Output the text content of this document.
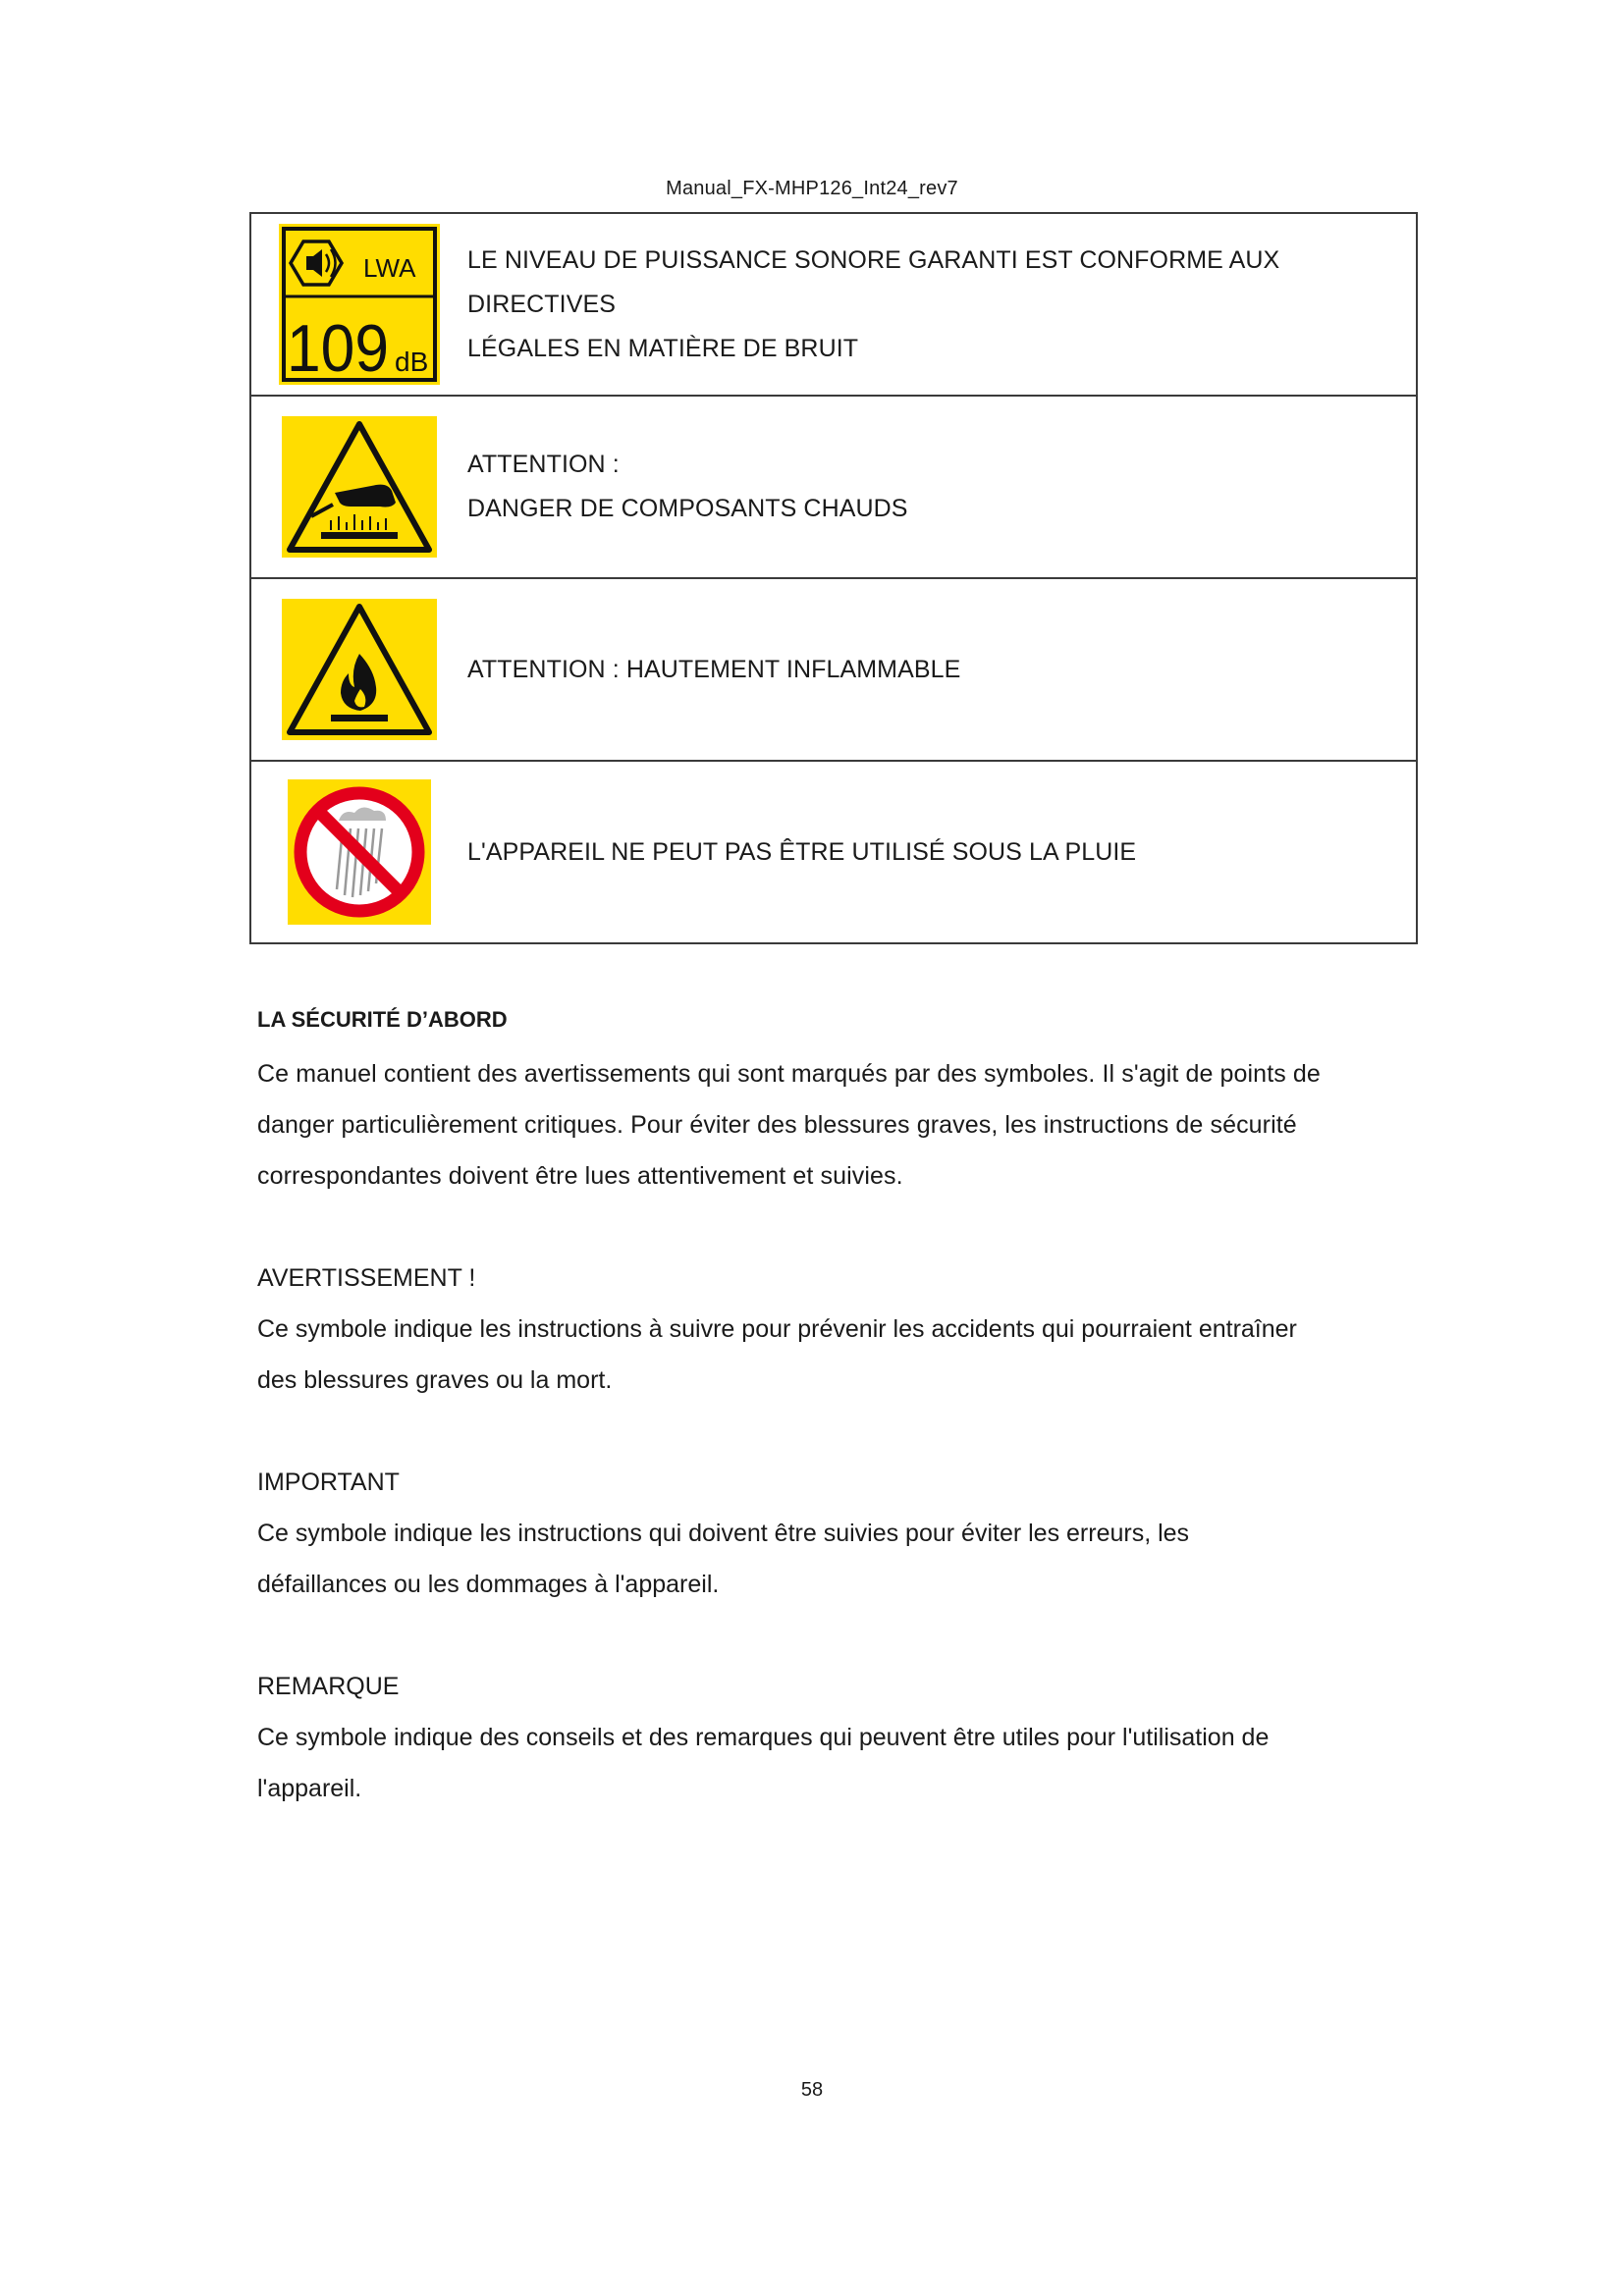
Manual_FX-MHP126_Int24_rev7
LWA
109 dB
LE NIVEAU DE PUISSANCE SONORE GARANTI EST CONFORME AUX DIRECTIVES
LÉGALES EN MATIÈRE DE BRUIT
ATTENTION :
DANGER DE COMPOSANTS CHAUDS
ATTENTION : HAUTEMENT INFLAMMABLE
L'APPAREIL NE PEUT PAS ÊTRE UTILISÉ SOUS LA PLUIE
LA SÉCURITÉ D’ABORD

Ce manuel contient des avertissements qui sont marqués par des symboles. Il s'agit de points de
danger particulièrement critiques. Pour éviter des blessures graves, les instructions de sécurité
correspondantes doivent être lues attentivement et suivies.

AVERTISSEMENT !
Ce symbole indique les instructions à suivre pour prévenir les accidents qui pourraient entraîner
des blessures graves ou la mort.
IMPORTANT
Ce symbole indique les instructions qui doivent être suivies pour éviter les erreurs, les
défaillances ou les dommages à l'appareil.
REMARQUE
Ce symbole indique des conseils et des remarques qui peuvent être utiles pour l'utilisation de
l'appareil.
58
